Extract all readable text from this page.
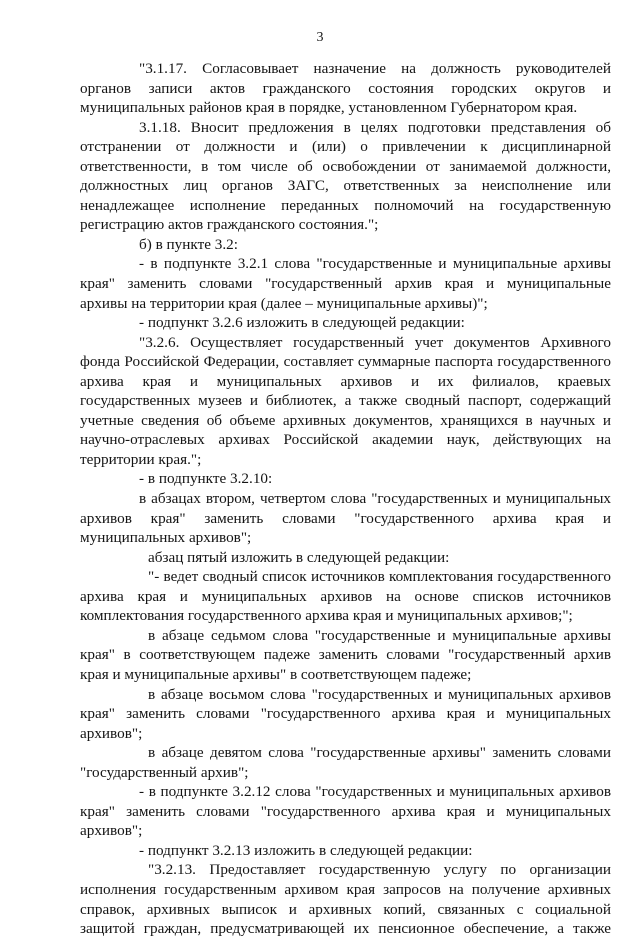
3
"3.1.17. Согласовывает назначение на должность руководителей
органов записи актов гражданского состояния городских округов и
муниципальных районов края в порядке, установленном Губернатором края.
3.1.18. Вносит предложения в целях подготовки представления об
отстранении от должности и (или) о привлечении к дисциплинарной
ответственности, в том числе об освобождении от занимаемой должности,
должностных лиц органов ЗАГС, ответственных за неисполнение или
ненадлежащее исполнение переданных полномочий на государственную
регистрацию актов гражданского состояния.";
б) в пункте 3.2:
- в подпункте 3.2.1 слова "государственные и муниципальные архивы
края" заменить словами "государственный архив края и муниципальные
архивы на территории края (далее – муниципальные архивы)";
- подпункт 3.2.6 изложить в следующей редакции:
"3.2.6. Осуществляет государственный учет документов Архивного
фонда Российской Федерации, составляет суммарные паспорта государственного
архива края и муниципальных архивов и их филиалов, краевых
государственных музеев и библиотек, а также сводный паспорт, содержащий
учетные сведения об объеме архивных документов, хранящихся в научных и
научно-отраслевых архивах Российской академии наук, действующих на
территории края.";
- в подпункте 3.2.10:
в абзацах втором, четвертом слова "государственных и муниципальных
архивов края" заменить словами "государственного архива края и
муниципальных архивов";
абзац пятый изложить в следующей редакции:
"- ведет сводный список источников комплектования государственного
архива края и муниципальных архивов на основе списков источников
комплектования государственного архива края и муниципальных архивов;";
в абзаце седьмом слова "государственные и муниципальные архивы
края" в соответствующем падеже заменить словами "государственный архив
края и муниципальные архивы" в соответствующем падеже;
в абзаце восьмом слова "государственных и муниципальных архивов
края" заменить словами "государственного архива края и муниципальных
архивов";
в абзаце девятом слова "государственные архивы" заменить словами
"государственный архив";
- в подпункте 3.2.12 слова "государственных и муниципальных архивов
края" заменить словами "государственного архива края и муниципальных
архивов";
- подпункт 3.2.13 изложить в следующей редакции:
"3.2.13. Предоставляет государственную услугу по организации
исполнения государственным архивом края запросов на получение архивных
справок, архивных выписок и архивных копий, связанных с социальной
защитой граждан, предусматривающей их пенсионное обеспечение, а также
